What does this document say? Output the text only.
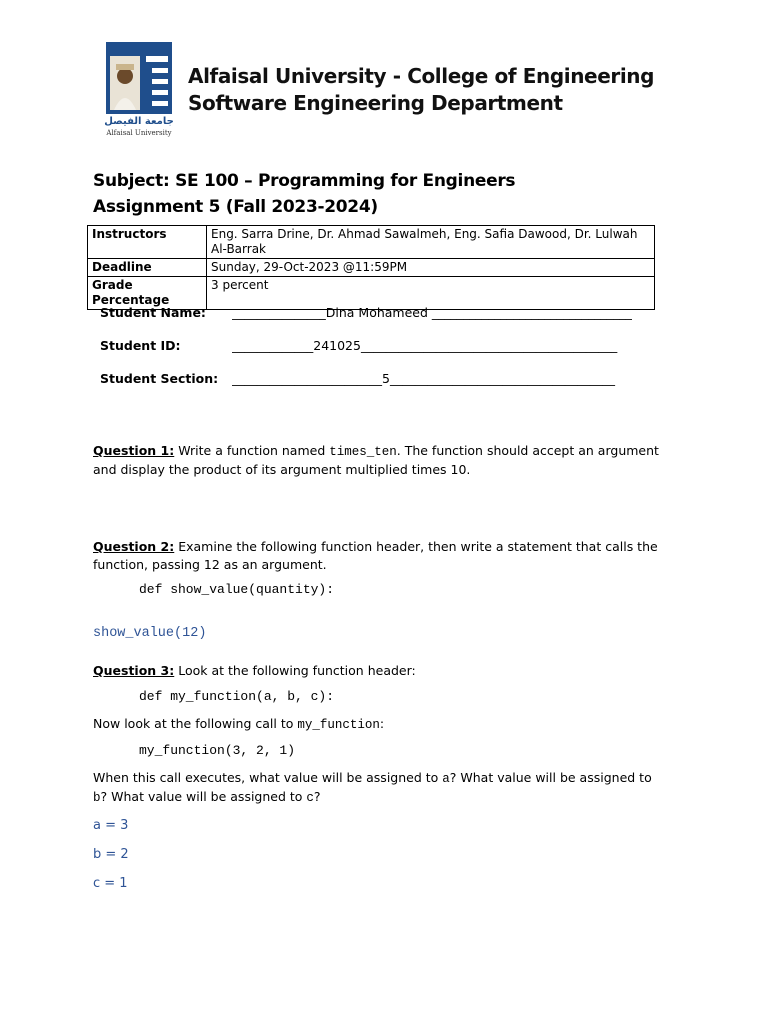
جامعة الفيصل
Alfaisal University
Alfaisal University - College of Engineering
Software Engineering Department
Subject: SE 100 – Programming for Engineers
Assignment 5 (Fall 2023-2024)
Instructors	Eng. Sarra Drine, Dr. Ahmad Sawalmeh, Eng. Safia Dawood, Dr. Lulwah Al-Barrak
Deadline	Sunday, 29-Oct-2023 @11:59PM
Grade Percentage	3 percent
Student Name: _______________Dina Mohameed ________________________________
Student ID:	_____________241025_________________________________________
Student Section: ________________________5____________________________________
Question 1: Write a function named times_ten. The function should accept an argument and display the product of its argument multiplied times 10.
Question 2: Examine the following function header, then write a statement that calls the function, passing 12 as an argument.
def show_value(quantity):
show_value(12)
Question 3: Look at the following function header:
def my_function(a, b, c):
Now look at the following call to my_function:
my_function(3, 2, 1)
When this call executes, what value will be assigned to a? What value will be assigned to b? What value will be assigned to c?
a = 3
b = 2
c = 1
